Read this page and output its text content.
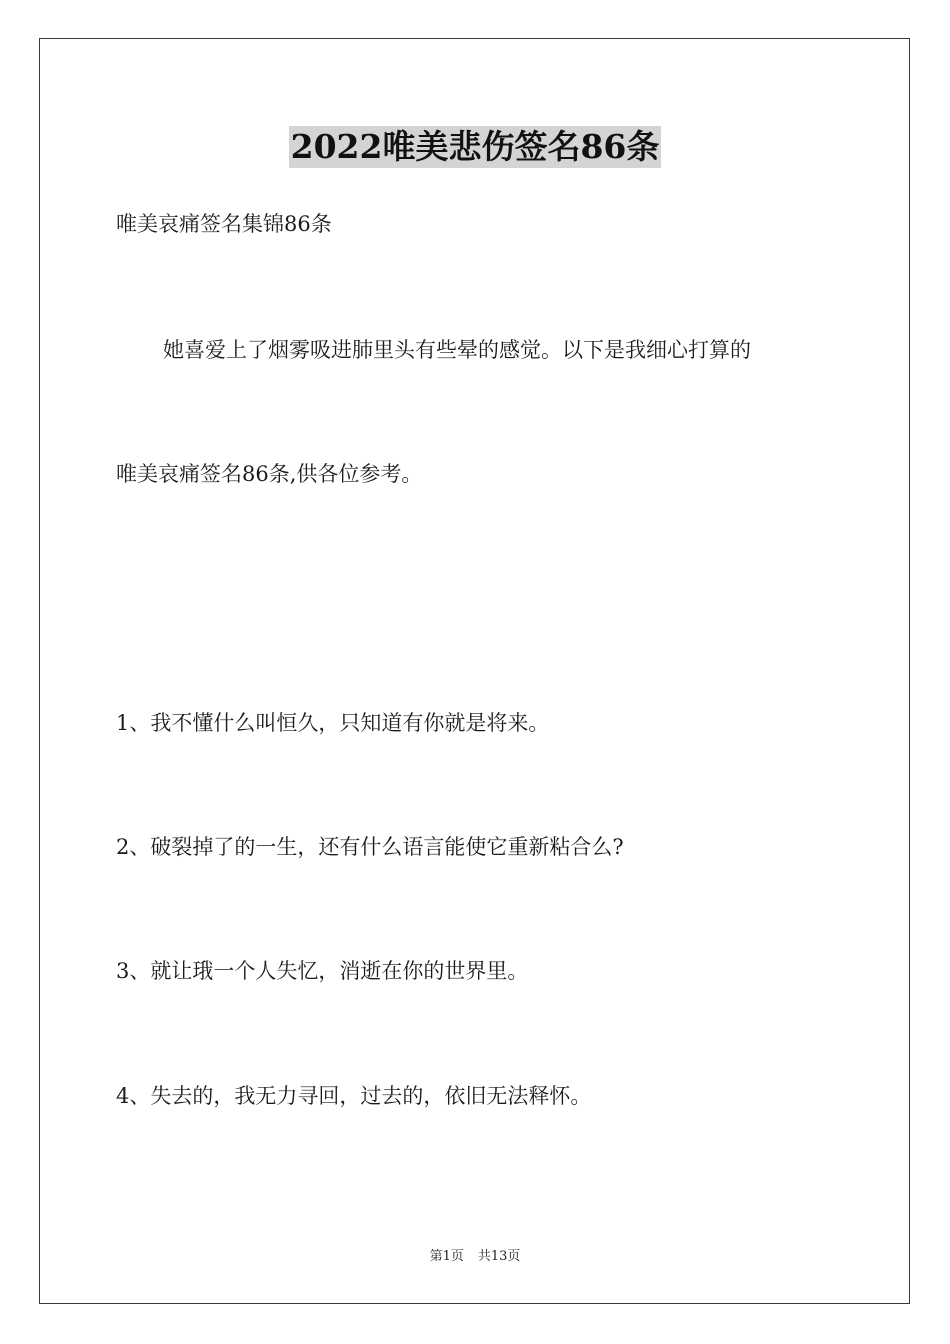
2022唯美悲伤签名86条
唯美哀痛签名集锦86条
她喜爱上了烟雾吸进肺里头有些晕的感觉。以下是我细心打算的
唯美哀痛签名86条,供各位参考。
1、我不懂什么叫恒久，只知道有你就是将来。
2、破裂掉了的一生，还有什么语言能使它重新粘合么?
3、就让珴一个人失忆，消逝在你的世界里。
4、失去的，我无力寻回，过去的，依旧无法释怀。
第1页 共13页
